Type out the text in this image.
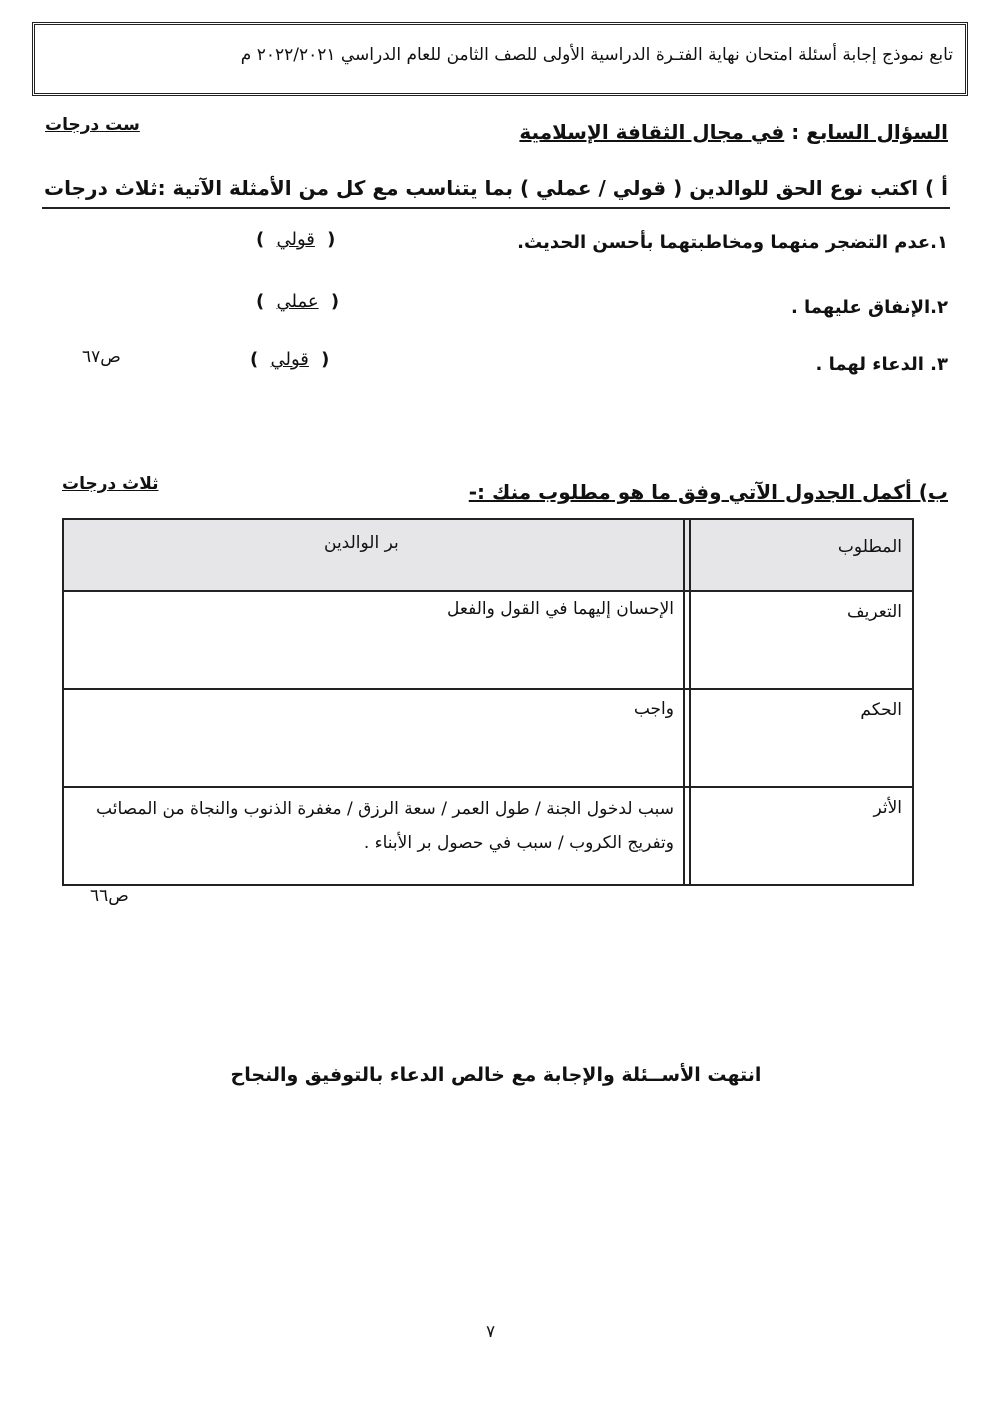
تابع نموذج إجابة أسئلة امتحان نهاية الفتـرة الدراسية الأولى للصف الثامن للعام الدراسي ٢٠٢٢/٢٠٢١ م
السؤال السابع : في مجال الثقافة الإسلامية
ست درجات
أ ) اكتب نوع الحق للوالدين ( قولي / عملي ) بما يتناسب مع كل من الأمثلة الآتية :ثلاث درجات
١.عدم التضجر منهما ومخاطبتهما بأحسن الحديث.
( قولي )
٢.الإنفاق عليهما .
( عملي )
٣. الدعاء لهما .
( قولي )
ص٦٧
ب) أكمل الجدول الآتي وفق ما هو مطلوب منك :-
ثلاث درجات
المطلوب
بر الوالدين
التعريف
الإحسان إليهما في القول والفعل
الحكم
واجب
الأثر
سبب لدخول الجنة / طول العمر / سعة الرزق / مغفرة الذنوب والنجاة من المصائب وتفريج الكروب / سبب في حصول بر الأبناء .
ص٦٦
انتهت الأســئلة والإجابة مع خالص الدعاء بالتوفيق والنجاح
٧
